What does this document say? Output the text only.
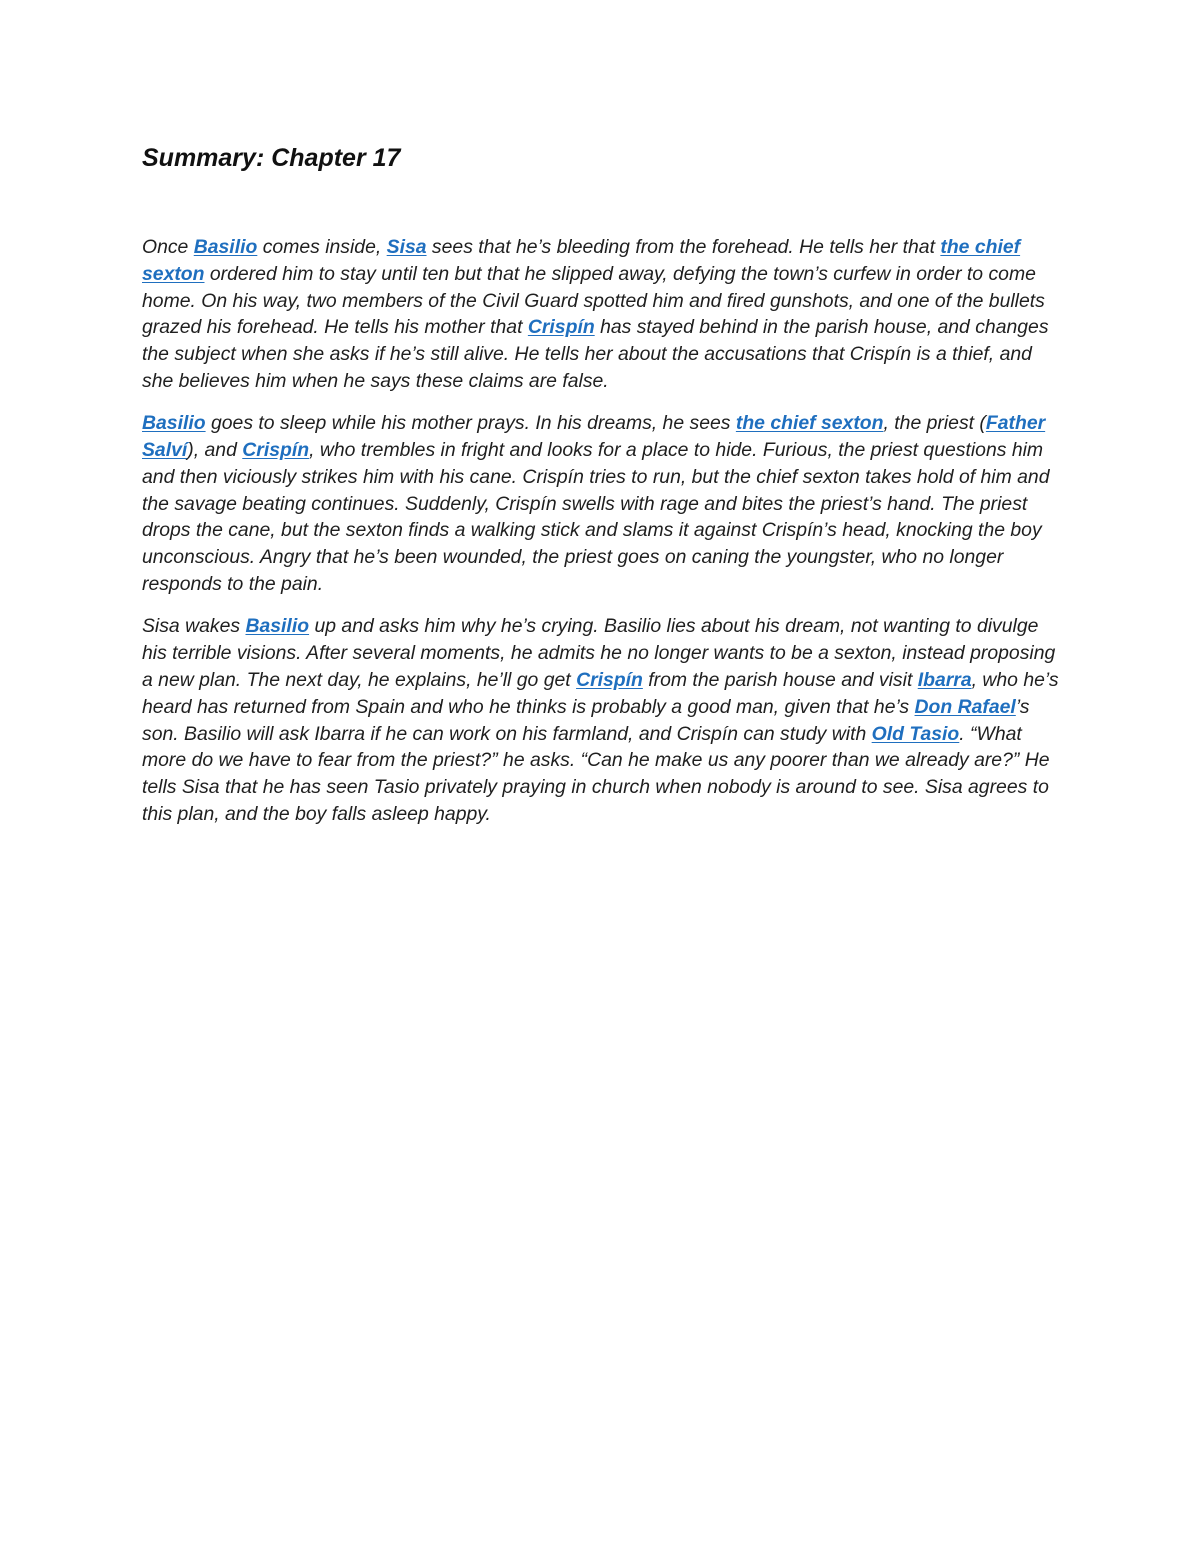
Summary: Chapter 17

Once Basilio comes inside, Sisa sees that he’s bleeding from the forehead. He tells her that the chief sexton ordered him to stay until ten but that he slipped away, defying the town’s curfew in order to come home. On his way, two members of the Civil Guard spotted him and fired gunshots, and one of the bullets grazed his forehead. He tells his mother that Crispín has stayed behind in the parish house, and changes the subject when she asks if he’s still alive. He tells her about the accusations that Crispín is a thief, and she believes him when he says these claims are false.

Basilio goes to sleep while his mother prays. In his dreams, he sees the chief sexton, the priest (Father Salví), and Crispín, who trembles in fright and looks for a place to hide. Furious, the priest questions him and then viciously strikes him with his cane. Crispín tries to run, but the chief sexton takes hold of him and the savage beating continues. Suddenly, Crispín swells with rage and bites the priest’s hand. The priest drops the cane, but the sexton finds a walking stick and slams it against Crispín’s head, knocking the boy unconscious. Angry that he’s been wounded, the priest goes on caning the youngster, who no longer responds to the pain.

Sisa wakes Basilio up and asks him why he’s crying. Basilio lies about his dream, not wanting to divulge his terrible visions. After several moments, he admits he no longer wants to be a sexton, instead proposing a new plan. The next day, he explains, he’ll go get Crispín from the parish house and visit Ibarra, who he’s heard has returned from Spain and who he thinks is probably a good man, given that he’s Don Rafael’s son. Basilio will ask Ibarra if he can work on his farmland, and Crispín can study with Old Tasio. “What more do we have to fear from the priest?” he asks. “Can he make us any poorer than we already are?” He tells Sisa that he has seen Tasio privately praying in church when nobody is around to see. Sisa agrees to this plan, and the boy falls asleep happy.
